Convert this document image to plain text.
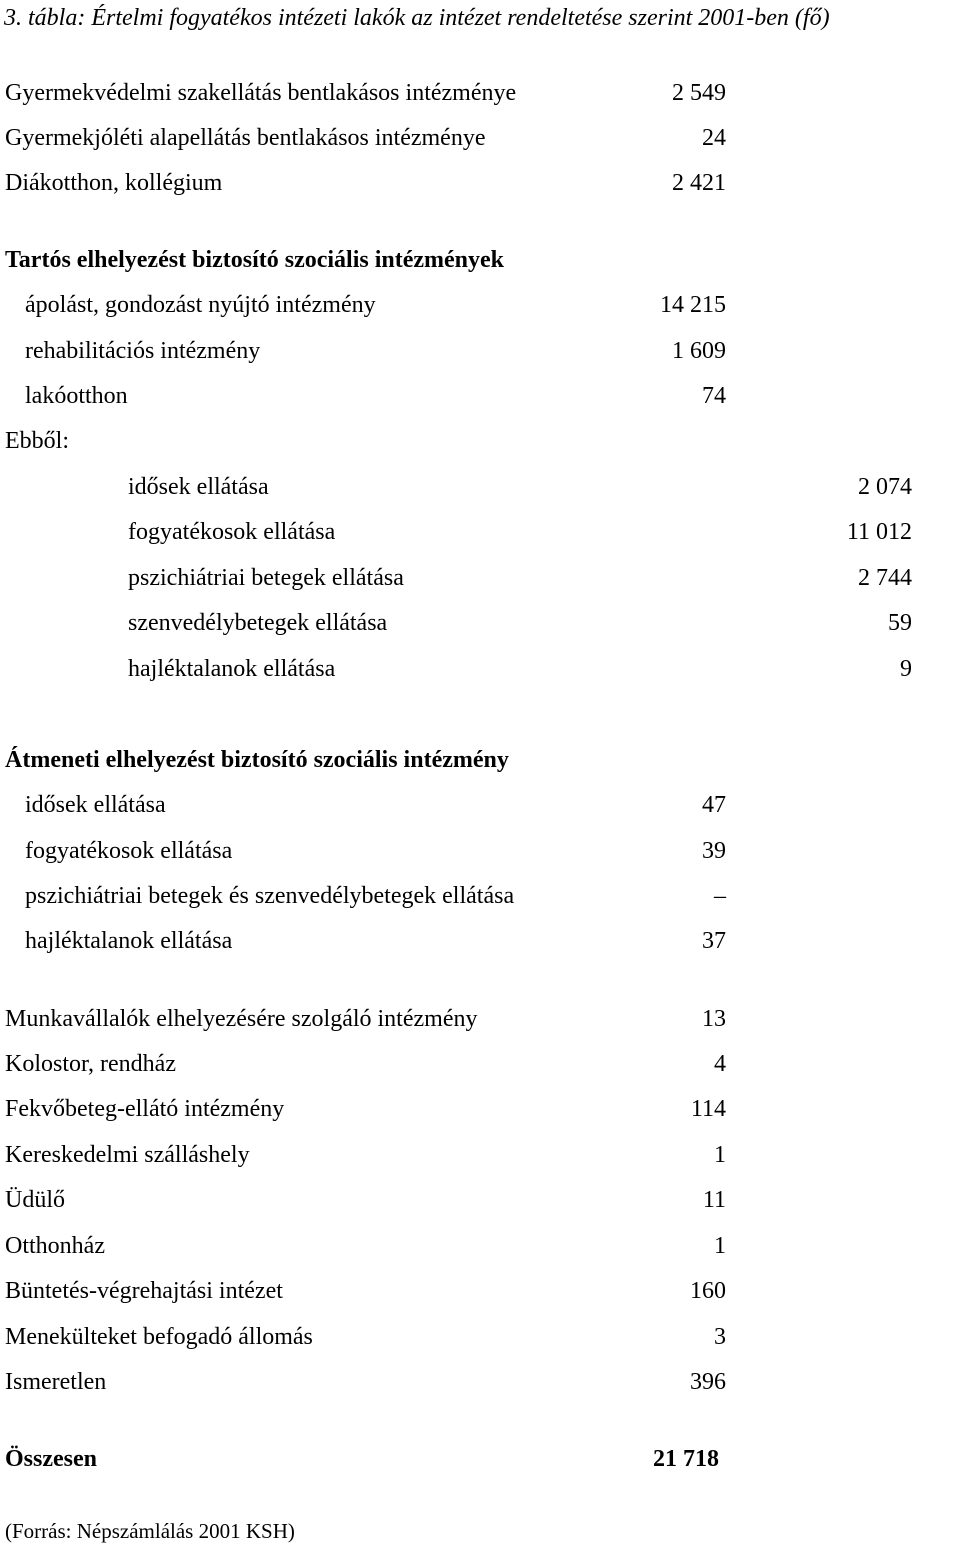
3. tábla: Értelmi fogyatékos intézeti lakók az intézet rendeltetése szerint 2001-ben (fő)
Gyermekvédelmi szakellátás bentlakásos intézménye	2 549
Gyermekjóléti alapellátás bentlakásos intézménye	24
Diákotthon, kollégium	2 421
Tartós elhelyezést biztosító szociális intézmények
ápolást, gondozást nyújtó intézmény	14 215
rehabilitációs intézmény	1 609
lakóotthon	74
Ebből:
idősek ellátása	2 074
fogyatékosok ellátása	11 012
pszichiátriai betegek ellátása	2 744
szenvedélybetegek ellátása	59
hajléktalanok ellátása	9
Átmeneti elhelyezést biztosító szociális intézmény
idősek ellátása	47
fogyatékosok ellátása	39
pszichiátriai betegek és szenvedélybetegek ellátása	–
hajléktalanok ellátása	37
Munkavállalók elhelyezésére szolgáló intézmény	13
Kolostor, rendház	4
Fekvőbeteg-ellátó intézmény	114
Kereskedelmi szálláshely	1
Üdülő	11
Otthonház	1
Büntetés-végrehajtási intézet	160
Menekülteket befogadó állomás	3
Ismeretlen	396
Összesen	21 718
(Forrás: Népszámlálás 2001 KSH)
